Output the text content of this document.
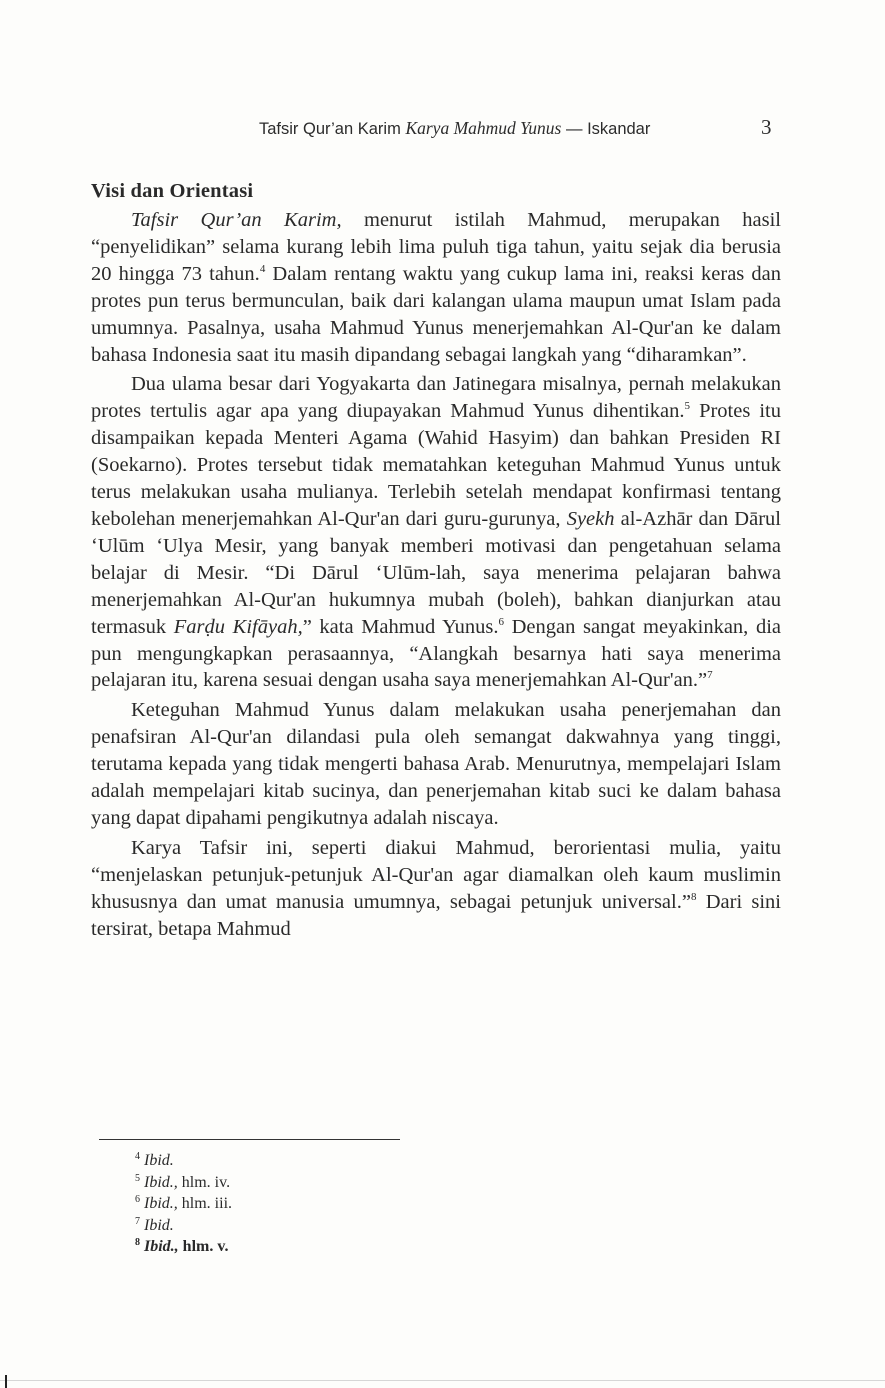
Tafsir Qur’an Karim Karya Mahmud Yunus — Iskandar	3
Visi dan Orientasi

Tafsir Qur’an Karim, menurut istilah Mahmud, merupakan hasil “penyelidikan” selama kurang lebih lima puluh tiga tahun, yaitu sejak dia berusia 20 hingga 73 tahun.$^4$ Dalam rentang waktu yang cukup lama ini, reaksi keras dan protes pun terus bermunculan, baik dari kalangan ulama maupun umat Islam pada umumnya. Pasalnya, usaha Mahmud Yunus menerjemahkan Al-Qur'an ke dalam bahasa Indonesia saat itu masih dipandang sebagai langkah yang “diharamkan”.

Dua ulama besar dari Yogyakarta dan Jatinegara misalnya, pernah melakukan protes tertulis agar apa yang diupayakan Mahmud Yunus dihentikan.$^5$ Protes itu disampaikan kepada Menteri Agama (Wahid Hasyim) dan bahkan Presiden RI (Soekarno). Protes tersebut tidak mematahkan keteguhan Mahmud Yunus untuk terus melakukan usaha mulianya. Terlebih setelah mendapat konfirmasi tentang kebolehan menerjemahkan Al-Qur'an dari guru-gurunya, Syekh al-Azhār dan Dārul ‘Ulūm ‘Ulya Mesir, yang banyak memberi motivasi dan pengetahuan selama belajar di Mesir. “Di Dārul ‘Ulūm-lah, saya menerima pelajaran bahwa menerjemahkan Al-Qur'an hukumnya mubah (boleh), bahkan dianjurkan atau termasuk Farḍu Kifāyah,” kata Mahmud Yunus.$^6$ Dengan sangat meyakinkan, dia pun mengungkapkan perasaannya, “Alangkah besarnya hati saya menerima pelajaran itu, karena sesuai dengan usaha saya menerjemahkan Al-Qur'an.”$^7$

Keteguhan Mahmud Yunus dalam melakukan usaha penerjemahan dan penafsiran Al-Qur'an dilandasi pula oleh semangat dakwahnya yang tinggi, terutama kepada yang tidak mengerti bahasa Arab. Menurutnya, mempelajari Islam adalah mempelajari kitab sucinya, dan penerjemahan kitab suci ke dalam bahasa yang dapat dipahami pengikutnya adalah niscaya.

Karya Tafsir ini, seperti diakui Mahmud, berorientasi mulia, yaitu “menjelaskan petunjuk-petunjuk Al-Qur'an agar diamalkan oleh kaum muslimin khususnya dan umat manusia umumnya, sebagai petunjuk universal.”$^8$ Dari sini tersirat, betapa Mahmud

$^4$ Ibid.
$^5$ Ibid., hlm. iv.
$^6$ Ibid., hlm. iii.
$^7$ Ibid.
$^8$ Ibid., hlm. v.
